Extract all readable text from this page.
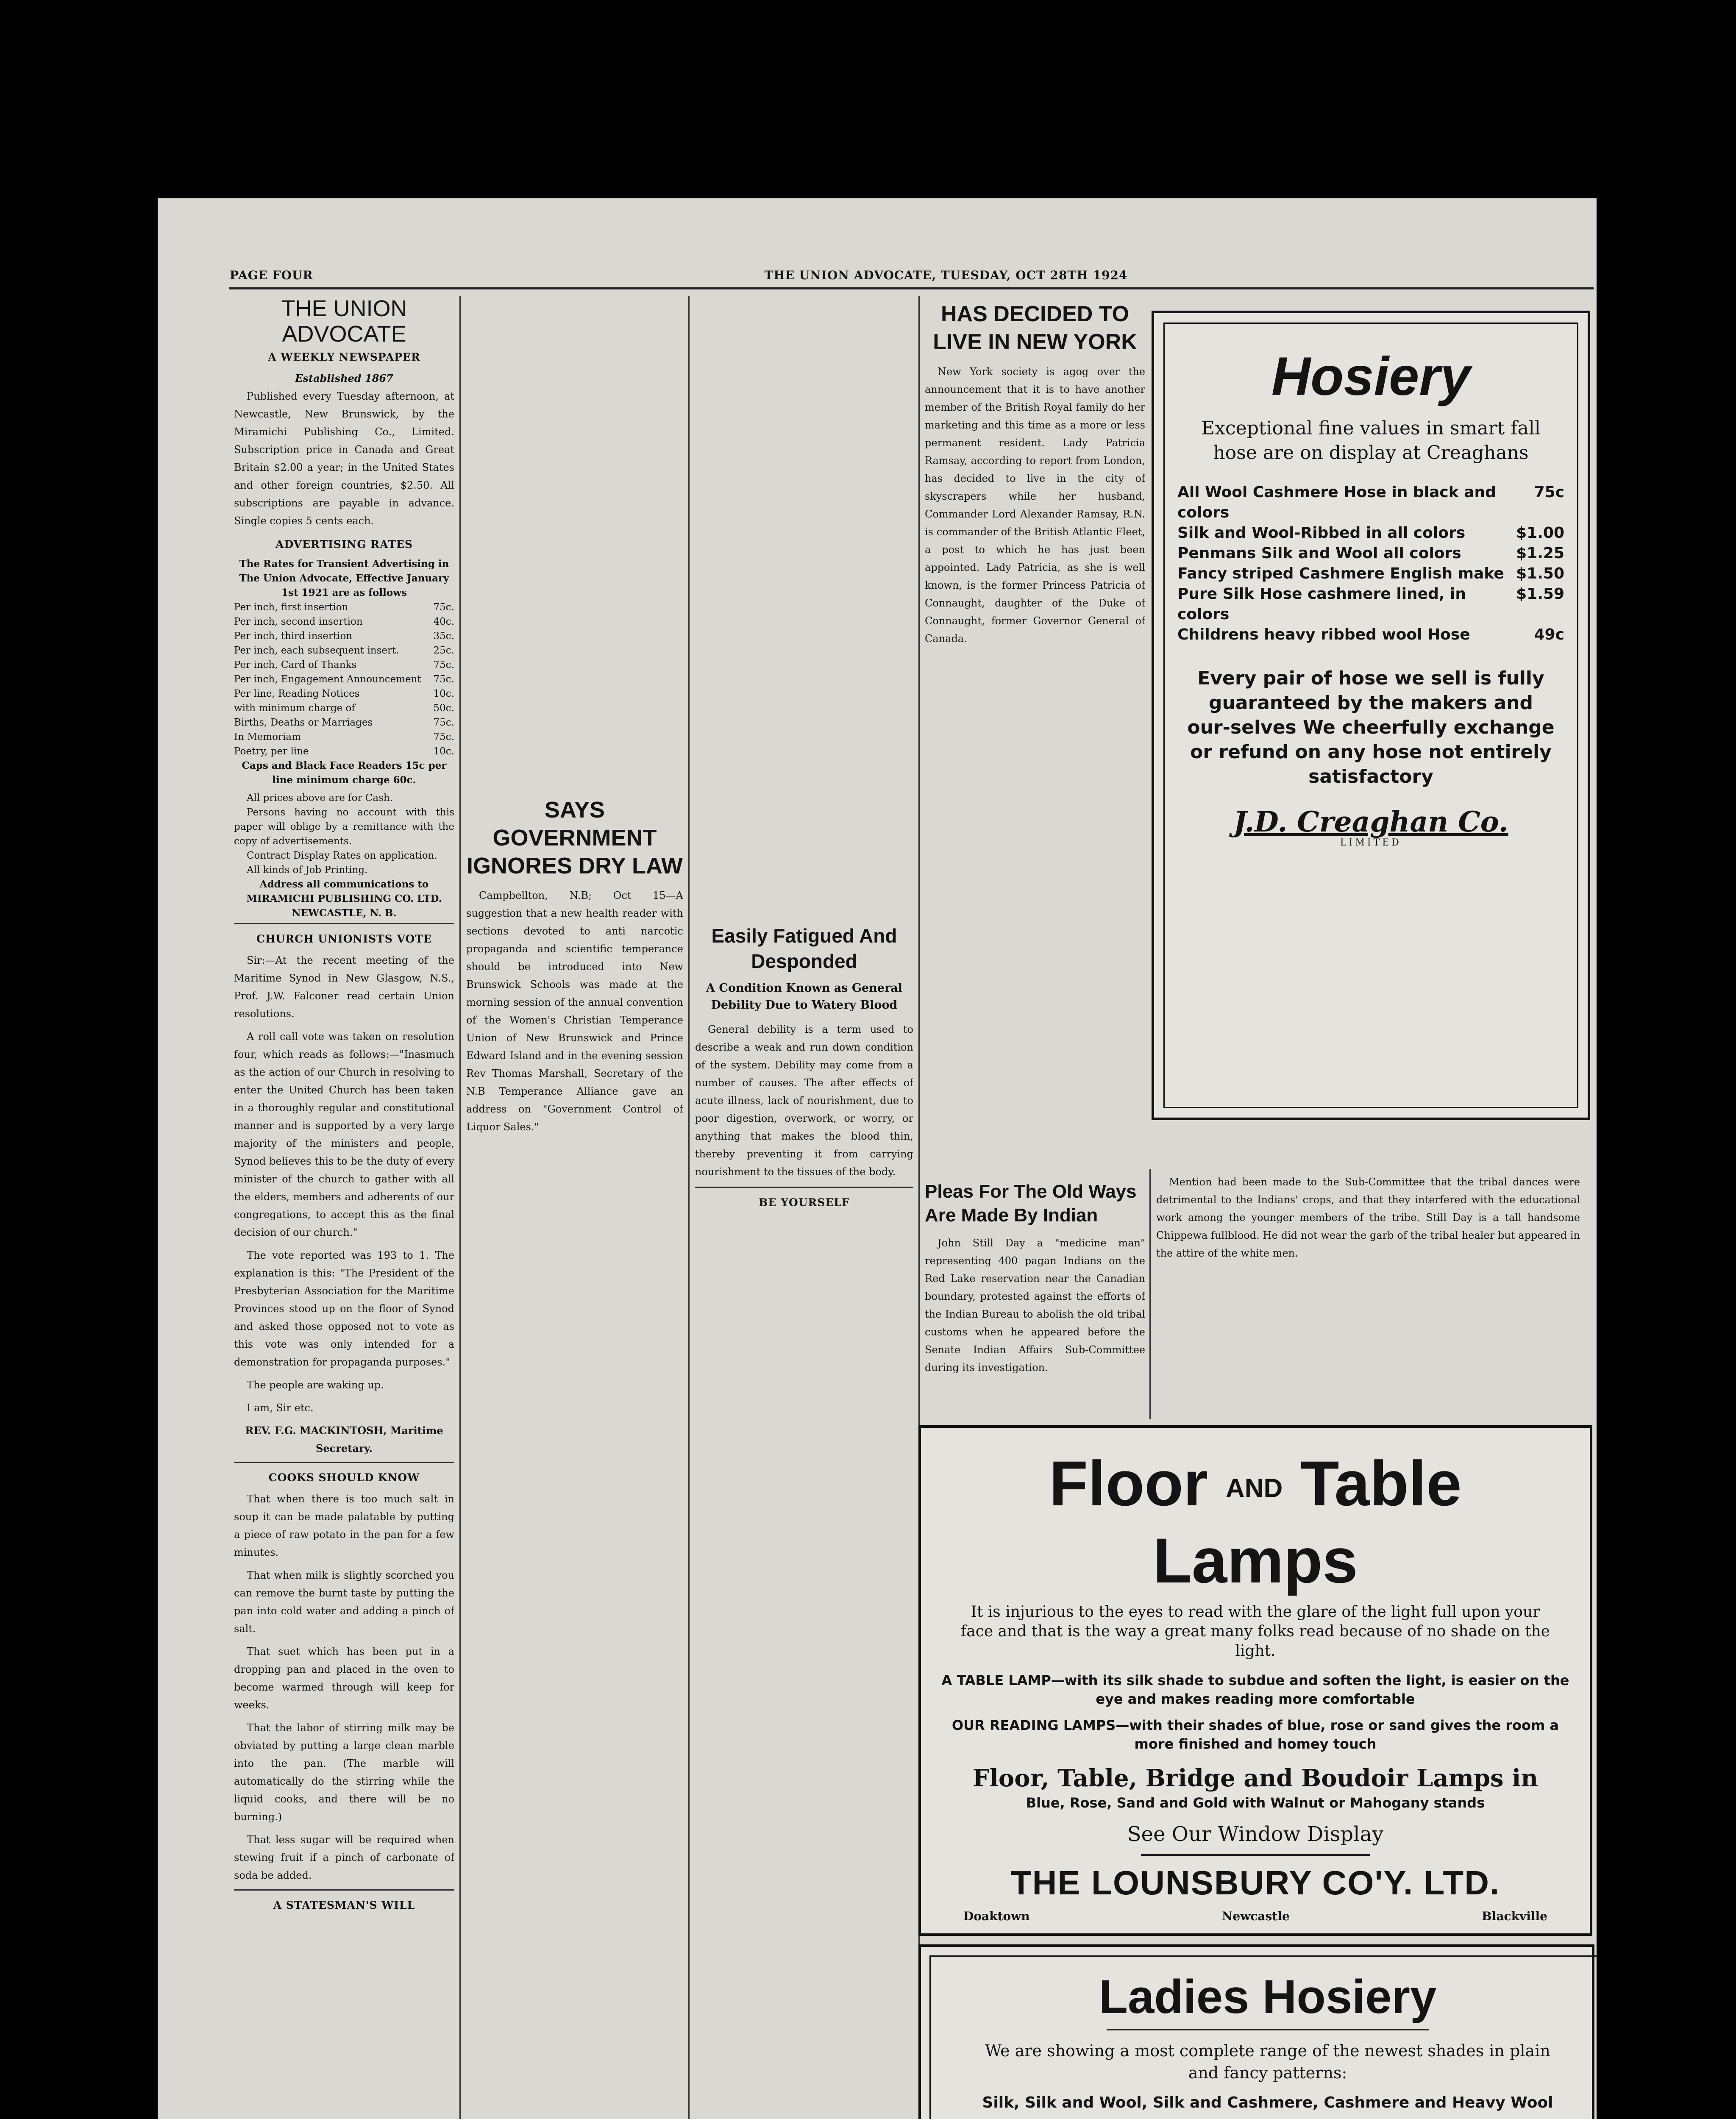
PAGE FOUR	THE UNION ADVOCATE, TUESDAY, OCT 28TH 1924
THE UNION ADVOCATE
A WEEKLY NEWSPAPER
Established 1867

Published every Tuesday afternoon, at Newcastle, New Brunswick, by the Miramichi Publishing Co., Limited. Subscription price in Canada and Great Britain $2.00 a year; in the United States and other foreign countries, $2.50. All subscriptions are payable in advance. Single copies 5 cents each.

ADVERTISING RATES
The Rates for Transient Advertising in The Union Advocate, Effective January 1st 1921 are as follows
Per inch, first insertion	75c.
Per inch, second insertion	40c.
Per inch, third insertion	35c.
Per inch, each subsequent insert.	25c.
Per inch, Card of Thanks	75c.
Per inch, Engagement Announcement 75c.
Per line, Reading Notices	10c.
with minimum charge of	50c.
Births, Deaths or Marriages	75c.
In Memoriam	75c.
Poetry, per line	10c.
Caps and Black Face Readers 15c per line minimum charge 60c.

All prices above are for Cash.

Persons having no account with this paper will oblige by a remittance with the copy of advertisements.

Contract Display Rates on application.

All kinds of Job Printing.

Address all communications to MIRAMICHI PUBLISHING CO. LTD. NEWCASTLE, N. B.
CHURCH UNIONISTS VOTE

Sir:—At the recent meeting of the Maritime Synod in New Glasgow, N.S., Prof. J.W. Falconer read certain Union resolutions.

A roll call vote was taken on resolution four, which reads as follows:—"Inasmuch as the action of our Church in resolving to enter the United Church has been taken in a thoroughly regular and constitutional manner and is supported by a very large majority of the ministers and people, Synod believes this to be the duty of every minister of the church to gather with all the elders, members and adherents of our congregations, to accept this as the final decision of our church."

The vote reported was 193 to 1. The explanation is this: "The President of the Presbyterian Association for the Maritime Provinces stood up on the floor of Synod and asked those opposed not to vote as this vote was only intended for a demonstration for propaganda purposes."

The people are waking up.

I am, Sir etc.

REV. F.G. MACKINTOSH, Maritime Secretary.
COOKS SHOULD KNOW

That when there is too much salt in soup it can be made palatable by putting a piece of raw potato in the pan for a few minutes.

That when milk is slightly scorched you can remove the burnt taste by putting the pan into cold water and adding a pinch of salt.

That suet which has been put in a dropping pan and placed in the oven to become warmed through will keep for weeks.

That the labor of stirring milk may be obviated by putting a large clean marble into the pan. (The marble will automatically do the stirring while the liquid cooks, and there will be no burning.)

That less sugar will be required when stewing fruit if a pinch of carbonate of soda be added.

A STATESMAN'S WILL
SAYS GOVERNMENT IGNORES DRY LAW

Campbellton, N.B; Oct 15—A suggestion that a new health reader with sections devoted to anti narcotic propaganda and scientific temperance should be introduced into New Brunswick Schools was made at the morning session of the annual convention of the Women's Christian Temperance Union of New Brunswick and Prince Edward Island and in the evening session Rev Thomas Marshall, Secretary of the N.B Temperance Alliance gave an address on "Government Control of Liquor Sales."

Easily Fatigued And Desponded
A Condition Known as General Debility Due to Watery Blood

General debility is a term used to describe a weak and run down condition of the system. Debility may come from a number of causes. The after effects of acute illness, lack of nourishment, due to poor digestion, overwork, or worry, or anything that makes the blood thin, thereby preventing it from carrying nourishment to the tissues of the body.

BE YOURSELF
HAS DECIDED TO LIVE IN NEW YORK

New York society is agog over the announcement that it is to have another member of the British Royal family do her marketing and this time as a more or less permanent resident. Lady Patricia Ramsay, according to report from London, has decided to live in the city of skyscrapers while her husband, Commander Lord Alexander Ramsay, R.N. is commander of the British Atlantic Fleet, a post to which he has just been appointed. Lady Patricia, as she is well known, is the former Princess Patricia of Connaught, daughter of the Duke of Connaught, former Governor General of Canada.

Pleas For The Old Ways Are Made By Indian

John Still Day a "medicine man" representing 400 pagan Indians on the Red Lake reservation near the Canadian boundary, protested against the efforts of the Indian Bureau to abolish the old tribal customs when he appeared before the Senate Indian Affairs Sub-Committee during its investigation.

Mention had been made to the Sub-Committee that the tribal dances were detrimental to the Indians' crops, and that they interfered with the educational work among the younger members of the tribe. Still Day is a tall handsome Chippewa fullblood. He did not wear the garb of the tribal healer but appeared in the attire of the white men.

Hosiery
Exceptional fine values in smart fall hose are on display at Creaghans
All Wool Cashmere Hose in black and colors
75c
Silk and Wool-Ribbed in all colors	$1.00
Penmans Silk and Wool all colors	$1.25
Fancy striped Cashmere English make $1.50
Pure Silk Hose cashmere lined, in colors
$1.59
Childrens heavy ribbed wool Hose	49c
Every pair of hose we sell is fully guaranteed by the makers and our-selves We cheerfully exchange or refund on any hose not entirely satisfactory
J.D. Creaghan Co.
LIMITED
Floor AND Table Lamps
It is injurious to the eyes to read with the glare of the light full upon your face and that is the way a great many folks read because of no shade on the light.
A TABLE LAMP—with its silk shade to subdue and soften the light, is easier on the eye and makes reading more comfortable
OUR READING LAMPS—with their shades of blue, rose or sand gives the room a more finished and homey touch
Floor, Table, Bridge and Boudoir Lamps in
Blue, Rose, Sand and Gold with Walnut or Mahogany stands
See Our Window Display
THE LOUNSBURY CO'Y. LTD.
Doaktown	Newcastle	Blackville
Ladies Hosiery
We are showing a most complete range of the newest shades in plain and fancy patterns:
Silk, Silk and Wool, Silk and Cashmere, Cashmere and Heavy Wool
